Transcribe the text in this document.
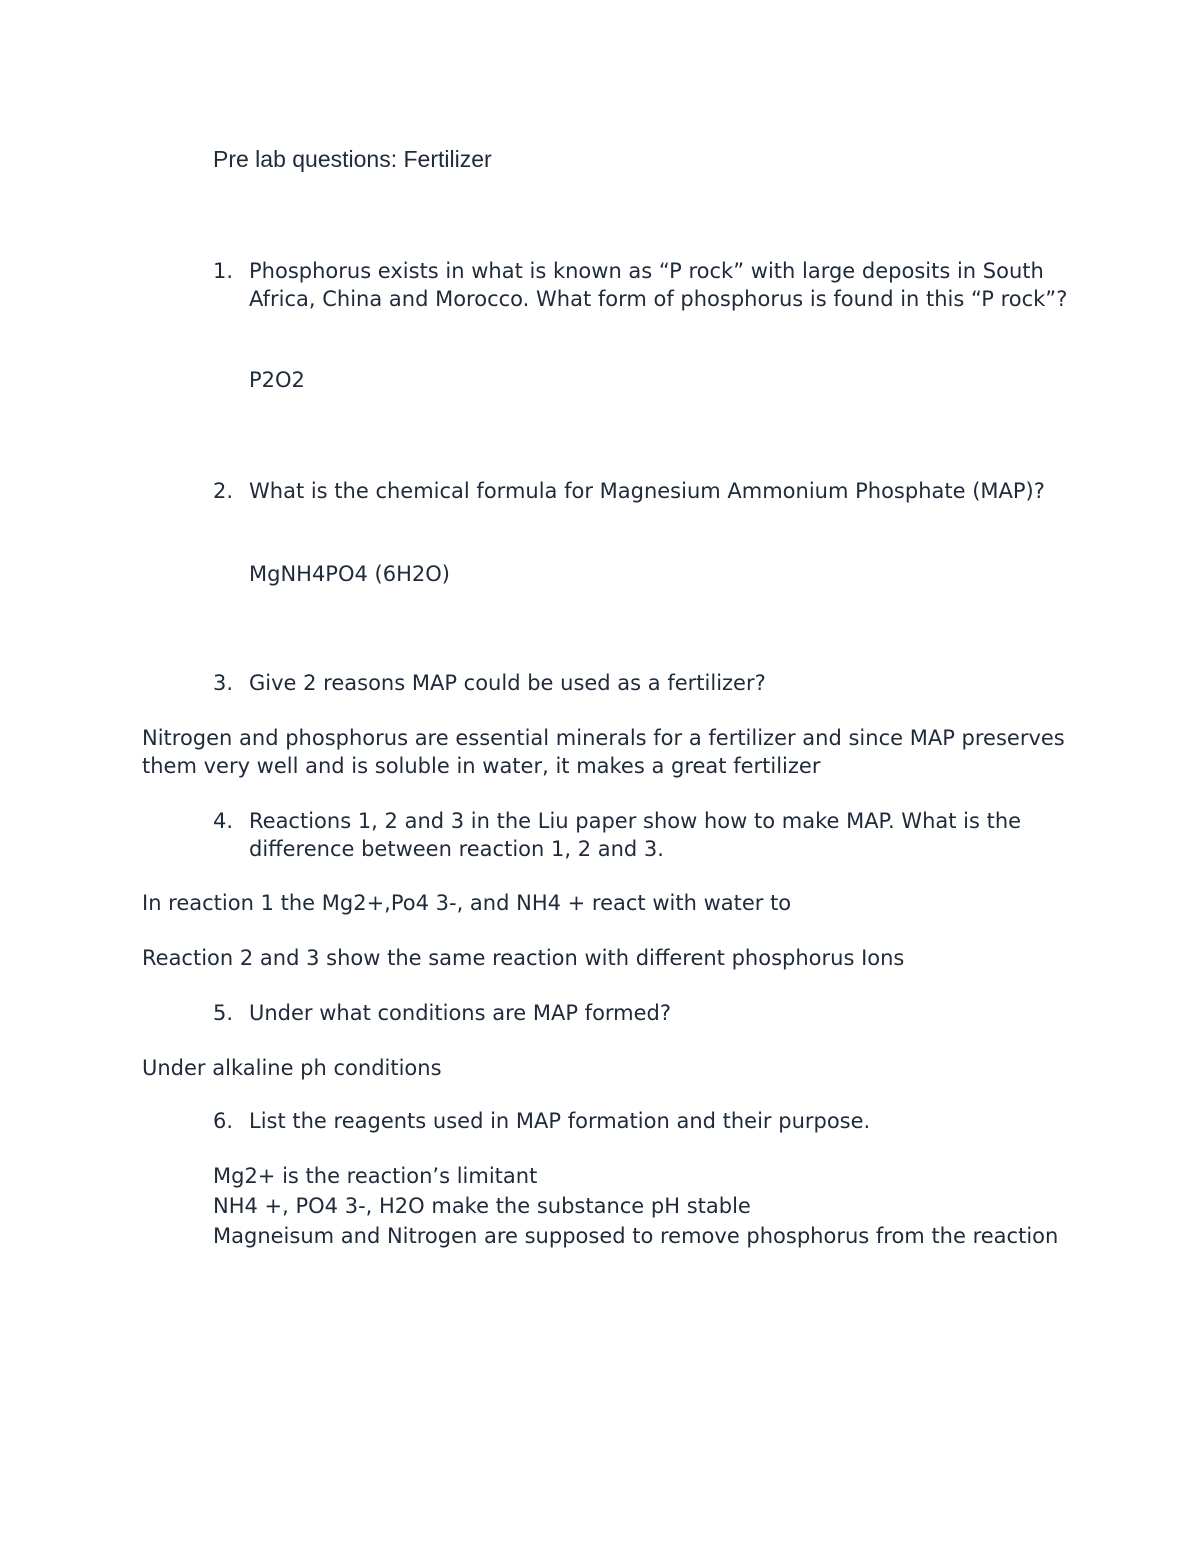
Pre lab questions: Fertilizer
1. Phosphorus exists in what is known as “P rock” with large deposits in South Africa, China and Morocco. What form of phosphorus is found in this “P rock”?
P2O2
2. What is the chemical formula for Magnesium Ammonium Phosphate (MAP)?
MgNH4PO4 (6H2O)
3. Give 2 reasons MAP could be used as a fertilizer?
Nitrogen and phosphorus are essential minerals for a fertilizer and since MAP preserves them very well and is soluble in water, it makes a great fertilizer
4. Reactions 1, 2 and 3 in the Liu paper show how to make MAP. What is the difference between reaction 1, 2 and 3.
In reaction 1 the Mg2+,Po4 3-, and NH4 + react with water to
Reaction 2 and 3 show the same reaction with different phosphorus Ions
5. Under what conditions are MAP formed?
Under alkaline ph conditions
6. List the reagents used in MAP formation and their purpose.
Mg2+ is the reaction’s limitant
NH4 +, PO4 3-, H2O make the substance pH stable
Magneisum and Nitrogen are supposed to remove phosphorus from the reaction
